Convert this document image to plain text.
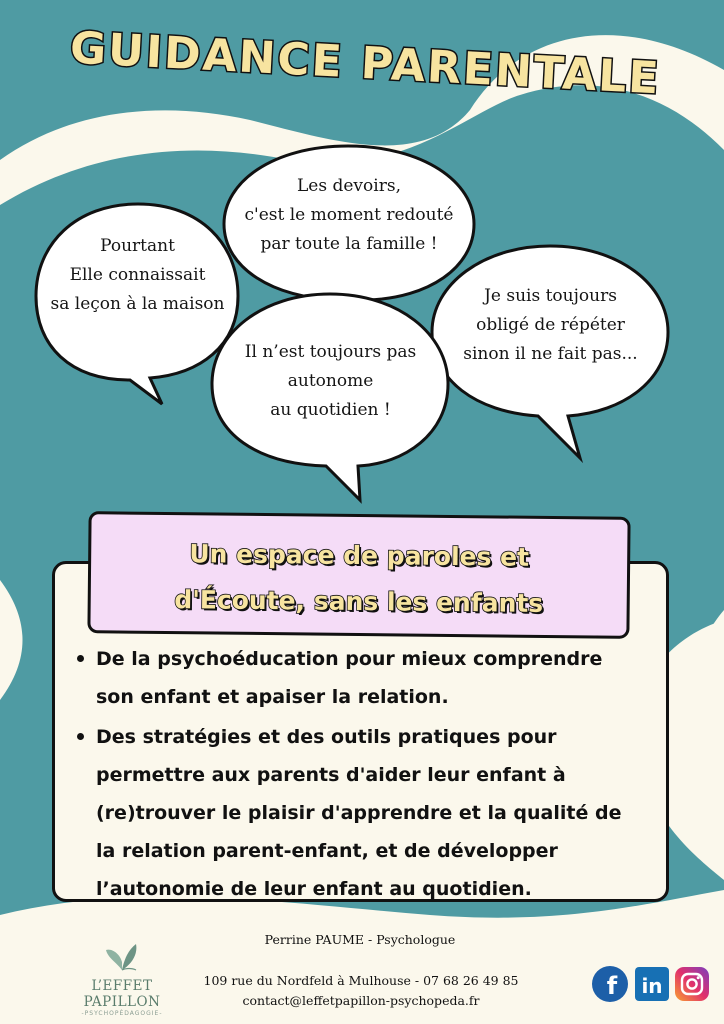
GUIDANCE PARENTALE
Pourtant
Elle connaissait
sa leçon à la maison
Les devoirs,
c'est le moment redouté
par toute la famille !
Je suis toujours
obligé de répéter
sinon il ne fait pas...
Il n’est toujours pas
autonome
au quotidien !
Un espace de paroles et
d'Écoute, sans les enfants
De la psychoéducation pour mieux comprendre son enfant et apaiser la relation.
Des stratégies et des outils pratiques pour permettre aux parents d'aider leur enfant à (re)trouver le plaisir d'apprendre et la qualité de la relation parent-enfant, et de développer l’autonomie de leur enfant au quotidien.
L’EFFET PAPILLON
-PSYCHOPÉDAGOGIE-
Perrine PAUME - Psychologue
109 rue du Nordfeld à Mulhouse - 07 68 26 49 85
contact@leffetpapillon-psychopeda.fr
f in
